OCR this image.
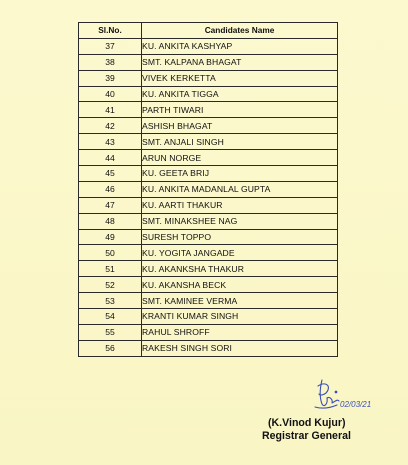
Sl.No.	Candidates Name
37	KU. ANKITA KASHYAP
38	SMT. KALPANA BHAGAT
39	VIVEK KERKETTA
40	KU. ANKITA TIGGA
41	PARTH TIWARI
42	ASHISH BHAGAT
43	SMT. ANJALI SINGH
44	ARUN NORGE
45	KU. GEETA BRIJ
46	KU. ANKITA MADANLAL GUPTA
47	KU. AARTI THAKUR
48	SMT. MINAKSHEE NAG
49	SURESH TOPPO
50	KU. YOGITA JANGADE
51	KU. AKANKSHA THAKUR
52	KU. AKANSHA BECK
53	SMT. KAMINEE VERMA
54	KRANTI KUMAR SINGH
55	RAHUL SHROFF
56	RAKESH SINGH SORI
02/03/21
(K.Vinod Kujur)
Registrar General
